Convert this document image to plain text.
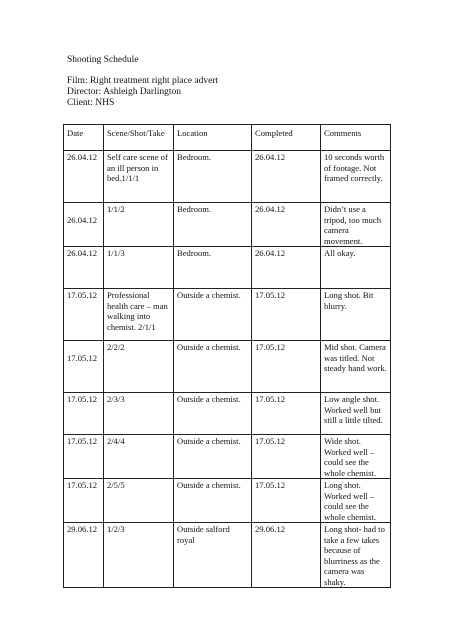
Shooting Schedule
Film: Right treatment right place advert
Director: Ashleigh Darlington
Client: NHS
Date	Scene/Shot/Take	Location	Completed	Comments
26.04.12	Self care scene of an ill person in bed.1/1/1	Bedroom.	26.04.12	10 seconds worth of footage. Not framed correctly.
26.04.12	1/1/2	Bedroom.	26.04.12	Didn’t use a tripod, too much camera movement.
26.04.12	1/1/3	Bedroom.	26.04.12	All okay.
17.05.12	Professional health care – man walking into chemist. 2/1/1	Outside a chemist.	17.05.12	Long shot. Bit blurry.
17.05.12	2/2/2	Outside a chemist.	17.05.12	Mid shot. Camera was titled. Not steady hand work.
17.05.12	2/3/3	Outside a chemist.	17.05.12	Low angle shot. Worked well but still a little tilted.
17.05.12	2/4/4	Outside a chemist.	17.05.12	Wide shot. Worked well – could see the whole chemist.
17.05.12	2/5/5	Outside a chemist.	17.05.12	Long shot. Worked well – could see the whole chemist.
29.06.12	1/2/3	Outside salford royal	29.06.12	Long shot- had to take a few takes because of blurriness as the camera was shaky.
